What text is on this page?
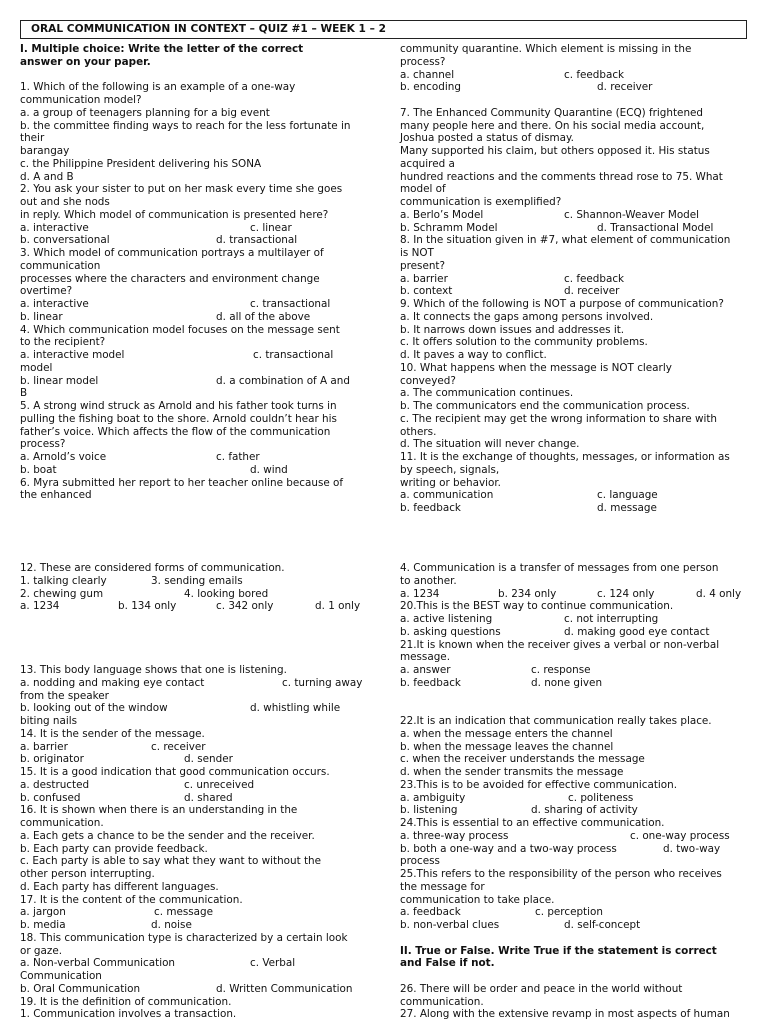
ORAL COMMUNICATION IN CONTEXT – QUIZ #1 – WEEK 1 – 2
I. Multiple choice: Write the letter of the correct
answer on your paper.
1. Which of the following is an example of a one-way
communication model?
a. a group of teenagers planning for a big event
b. the committee finding ways to reach for the less fortunate in
their
barangay
c. the Philippine President delivering his SONA
d. A and B
2. You ask your sister to put on her mask every time she goes
out and she nods
in reply. Which model of communication is presented here?
a. interactive	c. linear
b. conversational	d. transactional
3. Which model of communication portrays a multilayer of
communication
processes where the characters and environment change
overtime?
a. interactive	c. transactional
b. linear	d. all of the above
4. Which communication model focuses on the message sent
to the recipient?
a. interactive model	c. transactional
model
b. linear model	d. a combination of A and
B
5. A strong wind struck as Arnold and his father took turns in
pulling the fishing boat to the shore. Arnold couldn’t hear his
father’s voice. Which affects the flow of the communication
process?
a. Arnold’s voice	c. father
b. boat	d. wind
6. Myra submitted her report to her teacher online because of
the enhanced
community quarantine. Which element is missing in the
process?
a. channel	c. feedback
b. encoding	d. receiver
7. The Enhanced Community Quarantine (ECQ) frightened
many people here and there. On his social media account,
Joshua posted a status of dismay.
Many supported his claim, but others opposed it. His status
acquired a
hundred reactions and the comments thread rose to 75. What
model of
communication is exemplified?
a. Berlo’s Model	c. Shannon-Weaver Model
b. Schramm Model	d. Transactional Model
8. In the situation given in #7, what element of communication
is NOT
present?
a. barrier	c. feedback
b. context	d. receiver
9. Which of the following is NOT a purpose of communication?
a. It connects the gaps among persons involved.
b. It narrows down issues and addresses it.
c. It offers solution to the community problems.
d. It paves a way to conflict.
10. What happens when the message is NOT clearly
conveyed?
a. The communication continues.
b. The communicators end the communication process.
c. The recipient may get the wrong information to share with
others.
d. The situation will never change.
11. It is the exchange of thoughts, messages, or information as
by speech, signals,
writing or behavior.
a. communication	c. language
b. feedback	d. message
12. These are considered forms of communication.
1. talking clearly	3. sending emails
2. chewing gum	4. looking bored
a. 1234	b. 134 only	c. 342 only	d. 1 only
13. This body language shows that one is listening.
a. nodding and making eye contact	c. turning away
from the speaker
b. looking out of the window	d. whistling while
biting nails
14. It is the sender of the message.
a. barrier	c. receiver
b. originator	d. sender
15. It is a good indication that good communication occurs.
a. destructed	c. unreceived
b. confused	d. shared
16. It is shown when there is an understanding in the
communication.
a. Each gets a chance to be the sender and the receiver.
b. Each party can provide feedback.
c. Each party is able to say what they want to without the
other person interrupting.
d. Each party has different languages.
17. It is the content of the communication.
a. jargon	c. message
b. media	d. noise
18. This communication type is characterized by a certain look
or gaze.
a. Non-verbal Communication	c. Verbal
Communication
b. Oral Communication	d. Written Communication
19. It is the definition of communication.
1. Communication involves a transaction.
4. Communication is a transfer of messages from one person
to another.
a. 1234	b. 234 only	c. 124 only	d. 4 only
20.This is the BEST way to continue communication.
a. active listening	c. not interrupting
b. asking questions	d. making good eye contact
21.It is known when the receiver gives a verbal or non-verbal
message.
a. answer	c. response
b. feedback	d. none given
22.It is an indication that communication really takes place.
a. when the message enters the channel
b. when the message leaves the channel
c. when the receiver understands the message
d. when the sender transmits the message
23.This is to be avoided for effective communication.
a. ambiguity	c. politeness
b. listening	d. sharing of activity
24.This is essential to an effective communication.
a. three-way process	c. one-way process
b. both a one-way and a two-way process	d. two-way
process
25.This refers to the responsibility of the person who receives
the message for
communication to take place.
a. feedback	c. perception
b. non-verbal clues	d. self-concept
II. True or False. Write True if the statement is correct
and False if not.
26. There will be order and peace in the world without
communication.
27. Along with the extensive revamp in most aspects of human
